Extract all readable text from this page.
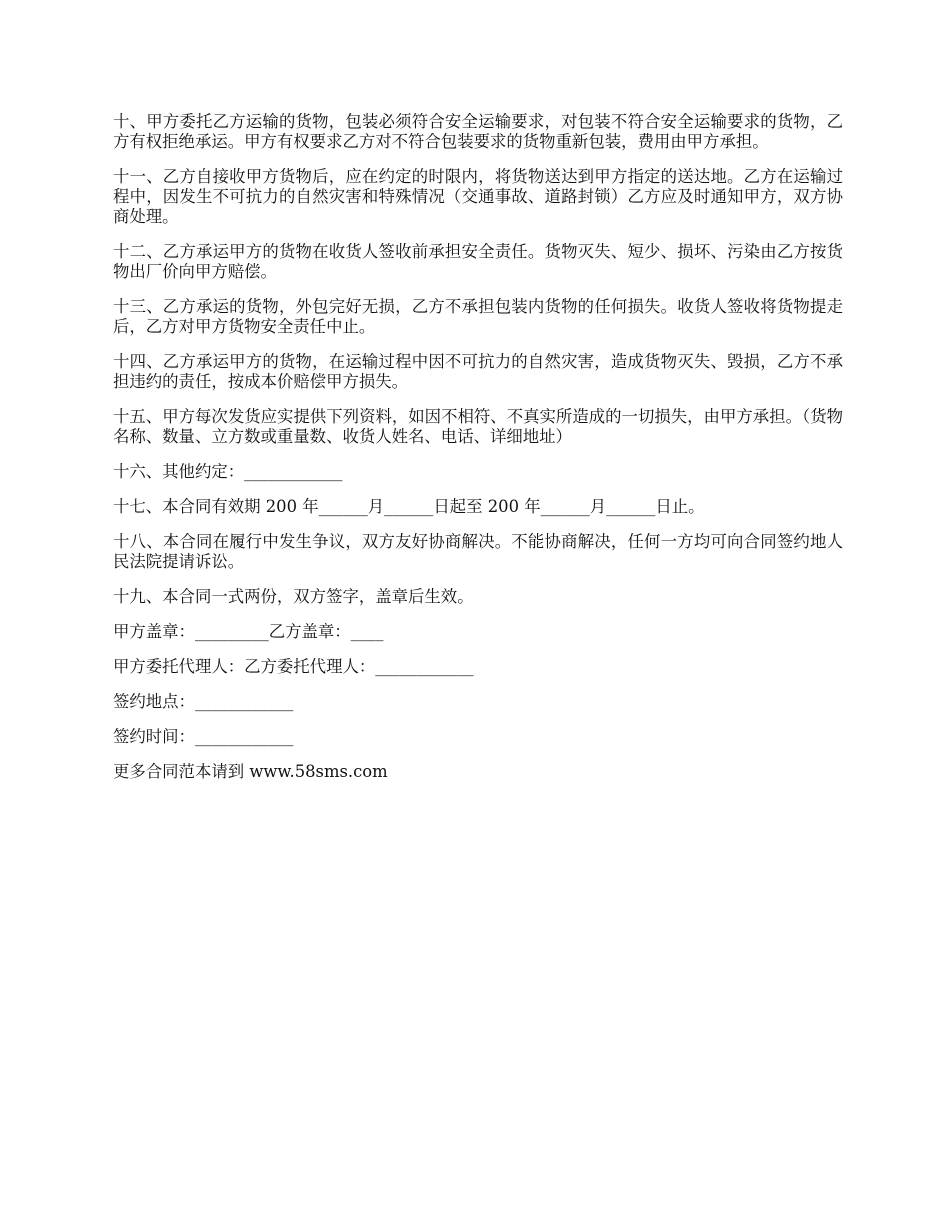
十、甲方委托乙方运输的货物，包装必须符合安全运输要求，对包装不符合安全运输要求的货物，乙方有权拒绝承运。甲方有权要求乙方对不符合包装要求的货物重新包装，费用由甲方承担。

十一、乙方自接收甲方货物后，应在约定的时限内，将货物送达到甲方指定的送达地。乙方在运输过程中，因发生不可抗力的自然灾害和特殊情况（交通事故、道路封锁）乙方应及时通知甲方，双方协商处理。

十二、乙方承运甲方的货物在收货人签收前承担安全责任。货物灭失、短少、损坏、污染由乙方按货物出厂价向甲方赔偿。

十三、乙方承运的货物，外包完好无损，乙方不承担包装内货物的任何损失。收货人签收将货物提走后，乙方对甲方货物安全责任中止。

十四、乙方承运甲方的货物，在运输过程中因不可抗力的自然灾害，造成货物灭失、毁损，乙方不承担违约的责任，按成本价赔偿甲方损失。

十五、甲方每次发货应实提供下列资料，如因不相符、不真实所造成的一切损失，由甲方承担。（货物名称、数量、立方数或重量数、收货人姓名、电话、详细地址）

十六、其他约定：____________

十七、本合同有效期 200 年______月______日起至 200 年______月______日止。

十八、本合同在履行中发生争议，双方友好协商解决。不能协商解决，任何一方均可向合同签约地人民法院提请诉讼。

十九、本合同一式两份，双方签字，盖章后生效。

甲方盖章：_________乙方盖章：____

甲方委托代理人：乙方委托代理人：____________

签约地点：____________

签约时间：____________

更多合同范本请到 www.58sms.com
